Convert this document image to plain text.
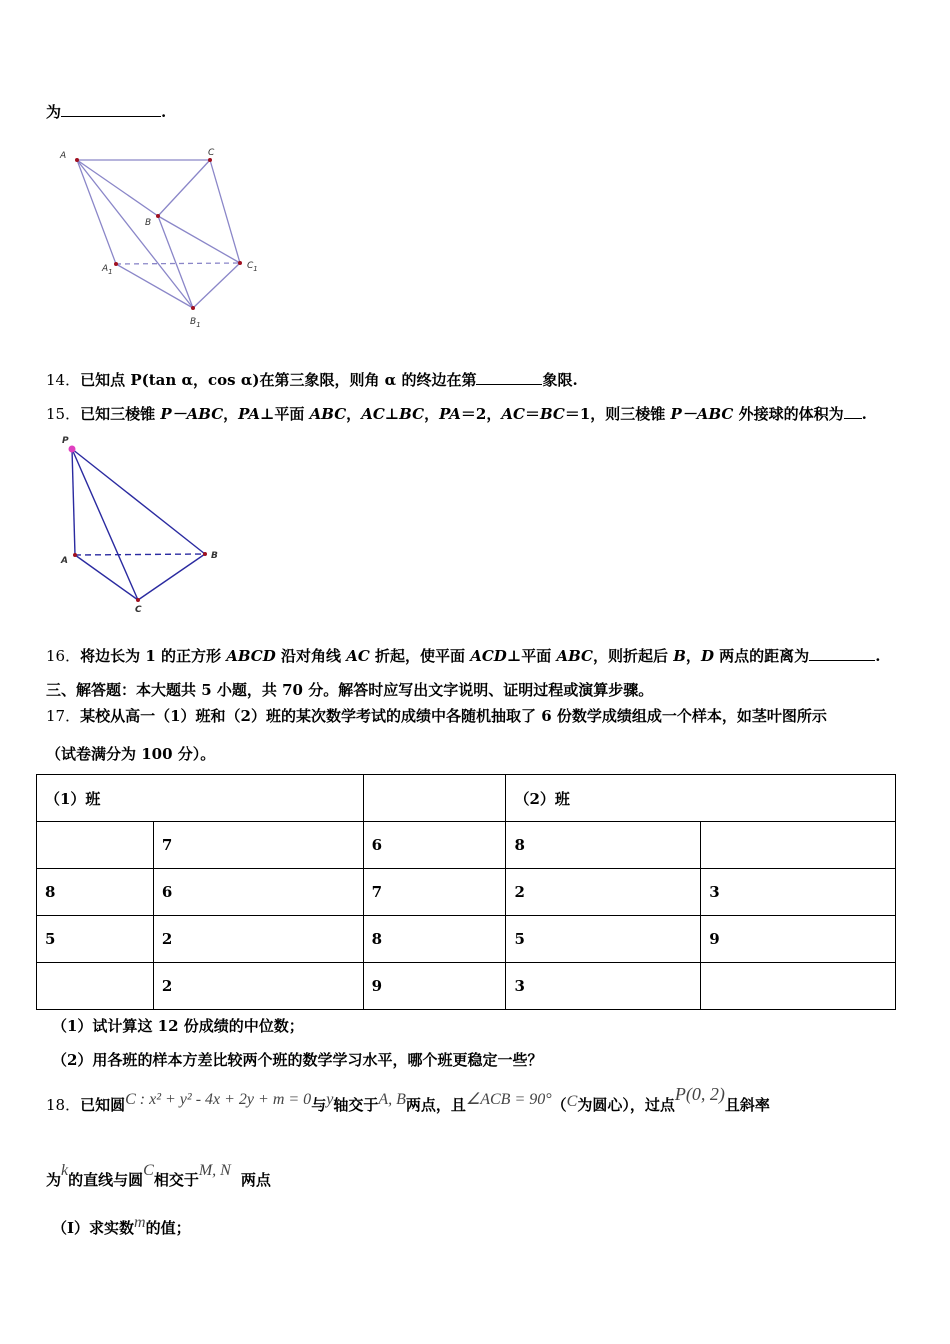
为	.
A	C
B
$A_1$
$C_1$
$B_1$
14．已知点 P(tan α，cos α)在第三象限，则角 α 的终边在第	象限.
15．已知三棱锥 P－ABC，PA⊥平面 ABC，AC⊥BC，PA＝2，AC＝BC＝1，则三棱锥 P－ABC 外接球的体积为 .
P
A	B
C
16．将边长为 1 的正方形 ABCD 沿对角线 AC 折起，使平面 ACD⊥平面 ABC，则折起后 B，D 两点的距离为	.
三、解答题：本大题共 5 小题，共 70 分。解答时应写出文字说明、证明过程或演算步骤。
17．某校从高一（1）班和（2）班的某次数学考试的成绩中各随机抽取了 6 份数学成绩组成一个样本，如茎叶图所示
（试卷满分为 100 分）。
（1）班			（2）班	
	7	6	8	
8	6	7	2	3
5	2	8	5	9
	2	9	3	
（1）试计算这 12 份成绩的中位数；
（2）用各班的样本方差比较两个班的数学学习水平，哪个班更稳定一些？
18．已知圆C : x² + y² - 4x + 2y + m = 0与y轴交于A, B两点，且∠ACB = 90°（C为圆心），过点P(0, 2)且斜率
为k的直线与圆C相交于M, N两点
（Ⅰ）求实数m的值；
